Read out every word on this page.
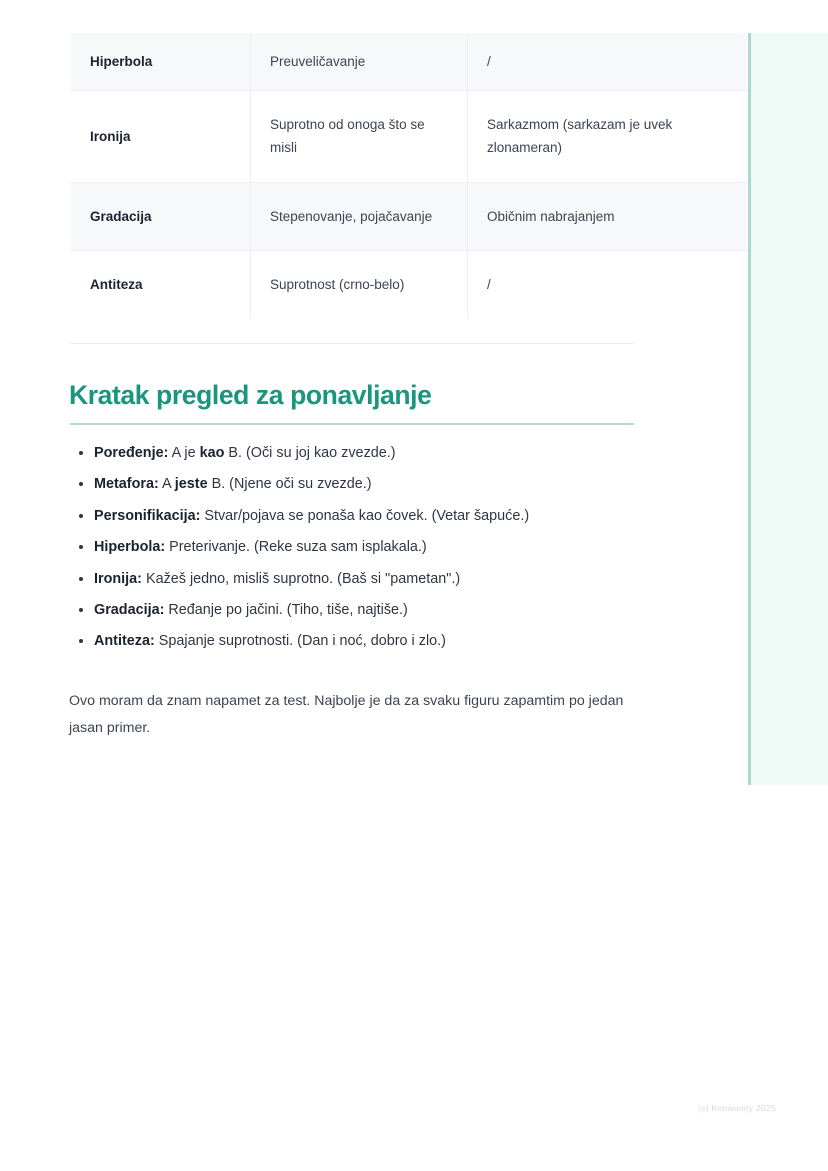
Hiperbola	Preuveličavanje	/
Ironija	Suprotno od onoga što se misli	Sarkazmom (sarkazam je uvek zlonameran)
Gradacija	Stepenovanje, pojačavanje	Običnim nabrajanjem
Antiteza	Suprotnost (crno-belo)	/
Kratak pregled za ponavljanje
Poređenje: A je kao B. (Oči su joj kao zvezde.)
Metafora: A jeste B. (Njene oči su zvezde.)
Personifikacija: Stvar/pojava se ponaša kao čovek. (Vetar šapuće.)
Hiperbola: Preterivanje. (Reke suza sam isplakala.)
Ironija: Kažeš jedno, misliš suprotno. (Baš si "pametan".)
Gradacija: Ređanje po jačini. (Tiho, tiše, najtiše.)
Antiteza: Spajanje suprotnosti. (Dan i noć, dobro i zlo.)

Ovo moram da znam napamet za test. Najbolje je da za svaku figuru zapamtim po jedan jasan primer.

(c) Knowunity 2025
